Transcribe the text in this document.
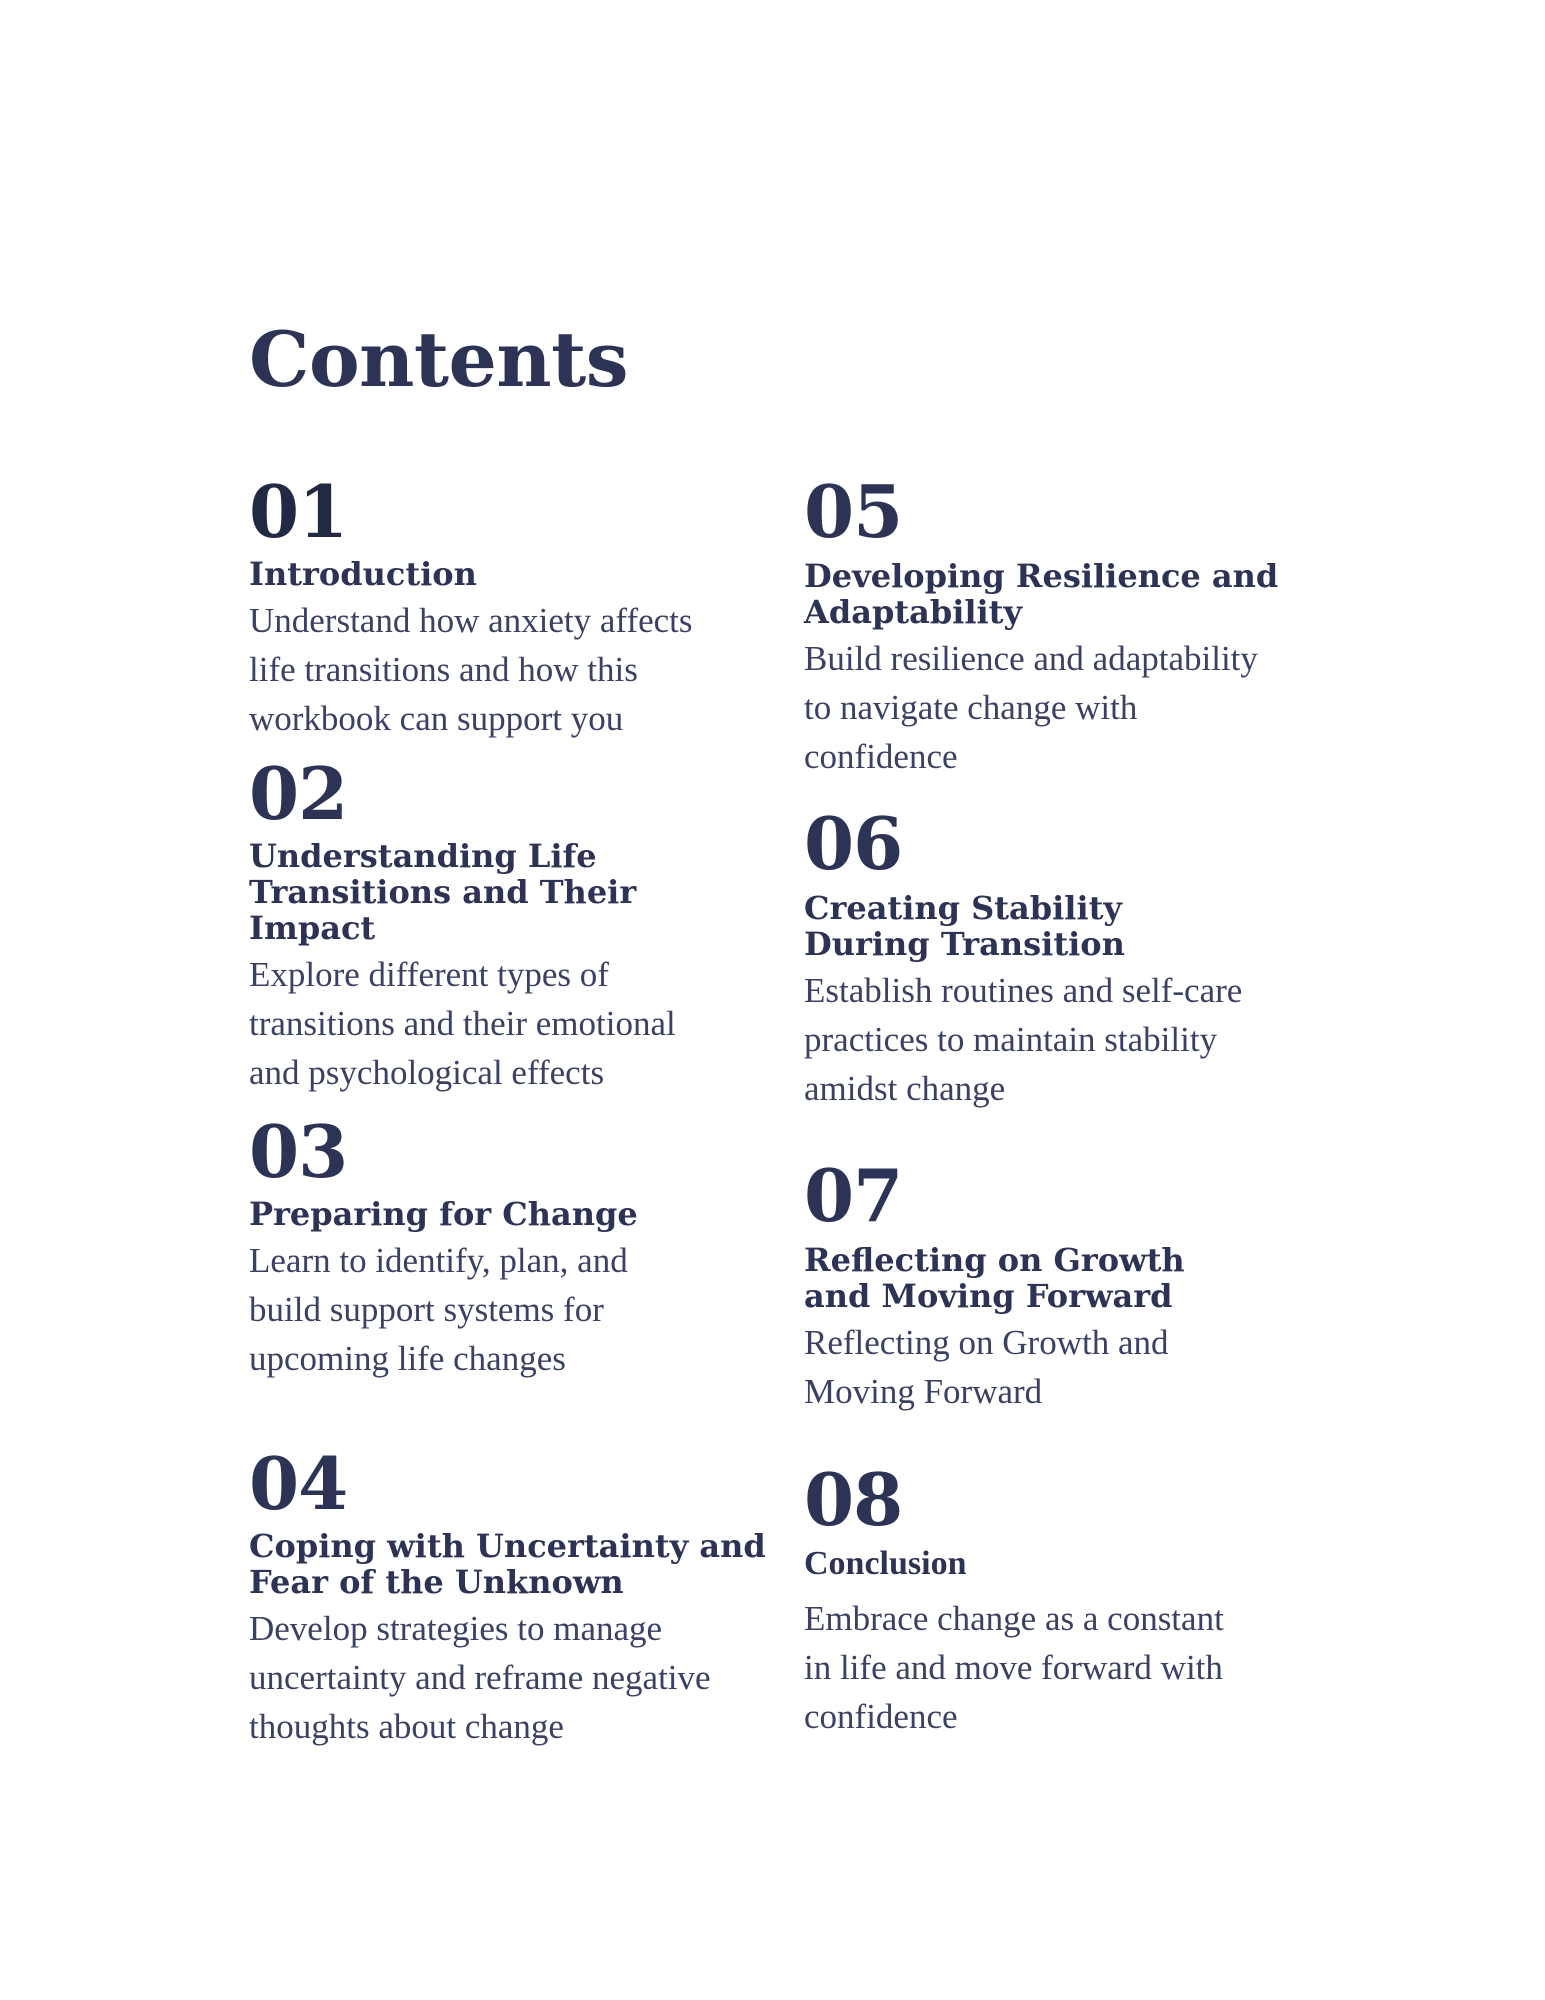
Contents
01
Introduction
Understand how anxiety affects
life transitions and how this
workbook can support you
02
Understanding Life
Transitions and Their
Impact
Explore different types of
transitions and their emotional
and psychological effects
03
Preparing for Change
Learn to identify, plan, and
build support systems for
upcoming life changes
04
Coping with Uncertainty and
Fear of the Unknown
Develop strategies to manage
uncertainty and reframe negative
thoughts about change
05
Developing Resilience and
Adaptability
Build resilience and adaptability
to navigate change with
confidence
06
Creating Stability
During Transition
Establish routines and self-care
practices to maintain stability
amidst change
07
Reflecting on Growth
and Moving Forward
Reflecting on Growth and
Moving Forward
08
Conclusion
Embrace change as a constant
in life and move forward with
confidence
